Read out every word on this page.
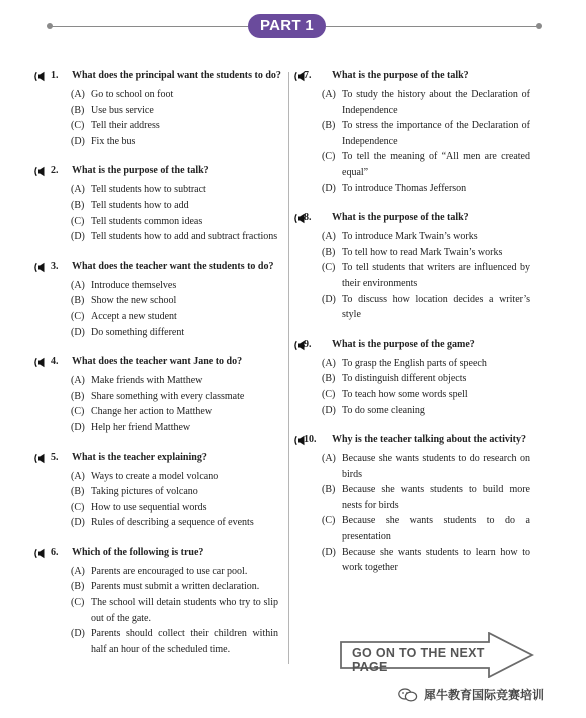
PART 1
1. What does the principal want the students to do?
(A) Go to school on foot
(B) Use bus service
(C) Tell their address
(D) Fix the bus
2. What is the purpose of the talk?
(A) Tell students how to subtract
(B) Tell students how to add
(C) Tell students common ideas
(D) Tell students how to add and subtract fractions
3. What does the teacher want the students to do?
(A) Introduce themselves
(B) Show the new school
(C) Accept a new student
(D) Do something different
4. What does the teacher want Jane to do?
(A) Make friends with Matthew
(B) Share something with every classmate
(C) Change her action to Matthew
(D) Help her friend Matthew
5. What is the teacher explaining?
(A) Ways to create a model volcano
(B) Taking pictures of volcano
(C) How to use sequential words
(D) Rules of describing a sequence of events
6. Which of the following is true?
(A) Parents are encouraged to use car pool.
(B) Parents must submit a written declaration.
(C) The school will detain students who try to slip out of the gate.
(D) Parents should collect their children within half an hour of the scheduled time.
7. What is the purpose of the talk?
(A) To study the history about the Declaration of Independence
(B) To stress the importance of the Declaration of Independence
(C) To tell the meaning of “All men are created equal”
(D) To introduce Thomas Jefferson
8. What is the purpose of the talk?
(A) To introduce Mark Twain’s works
(B) To tell how to read Mark Twain’s works
(C) To tell students that writers are influenced by their environments
(D) To discuss how location decides a writer’s style
9. What is the purpose of the game?
(A) To grasp the English parts of speech
(B) To distinguish different objects
(C) To teach how some words spell
(D) To do some cleaning
10. Why is the teacher talking about the activity?
(A) Because she wants students to do research on birds
(B) Because she wants students to build more nests for birds
(C) Because she wants students to do a presentation
(D) Because she wants students to learn how to work together
GO ON TO THE NEXT PAGE
犀牛教育国际竞赛培训
